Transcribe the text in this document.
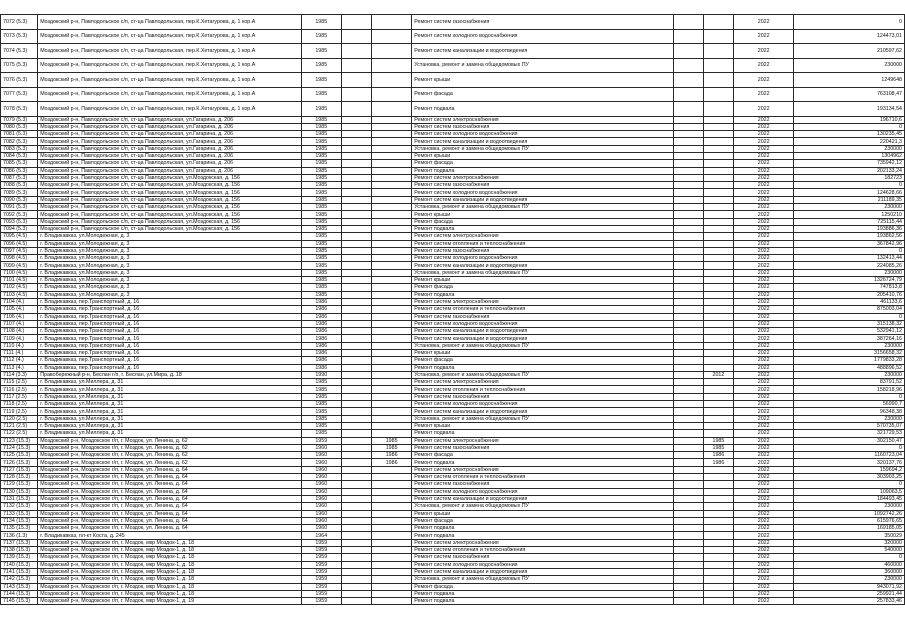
7072 (5.3)	Моздокский р-н, Павлодольское с/п, ст-ца Павлодольская, пер.К.Хетагурова, д. 1 кор.А	1985			Ремонт систем газоснабжения			2022	0
7073 (5.3)	Моздокский р-н, Павлодольское с/п, ст-ца Павлодольская, пер.К.Хетагурова, д. 1 кор.А	1985			Ремонт систем холодного водоснабжения			2022	124473,01
7074 (5.3)	Моздокский р-н, Павлодольское с/п, ст-ца Павлодольская, пер.К.Хетагурова, д. 1 кор.А	1985			Ремонт систем канализации и водоотведения			2022	210597,62
7075 (5.3)	Моздокский р-н, Павлодольское с/п, ст-ца Павлодольская, пер.К.Хетагурова, д. 1 кор.А	1985			Установка, ремонт и замена общедомовых ПУ			2022	230000
7076 (5.3)	Моздокский р-н, Павлодольское с/п, ст-ца Павлодольская, пер.К.Хетагурова, д. 1 кор.А	1985			Ремонт крыши			2022	1249648
7077 (5.3)	Моздокский р-н, Павлодольское с/п, ст-ца Павлодольская, пер.К.Хетагурова, д. 1 кор.А	1985			Ремонт фасада			2022	763108,47
7078 (5.3)	Моздокский р-н, Павлодольское с/п, ст-ца Павлодольская, пер.К.Хетагурова, д. 1 кор.А	1985			Ремонт подвала			2022	193134,54
7079 (5.3)	Моздокский р-н, Павлодольское с/п, ст-ца Павлодольская, ул.Гагарина, д. 206	1985			Ремонт систем электроснабжения			2022	196710,6
7080 (5.3)	Моздокский р-н, Павлодольское с/п, ст-ца Павлодольская, ул.Гагарина, д. 206	1985			Ремонт систем газоснабжения			2022	0
7081 (5.3)	Моздокский р-н, Павлодольское с/п, ст-ца Павлодольская, ул.Гагарина, д. 206	1985			Ремонт систем холодного водоснабжения			2022	130235,45
7082 (5.3)	Моздокский р-н, Павлодольское с/п, ст-ца Павлодольская, ул.Гагарина, д. 206	1985			Ремонт систем канализации и водоотведения			2022	220421,3
7083 (5.3)	Моздокский р-н, Павлодольское с/п, ст-ца Павлодольская, ул.Гагарина, д. 206	1985			Установка, ремонт и замена общедомовых ПУ			2022	230000
7084 (5.3)	Моздокский р-н, Павлодольское с/п, ст-ца Павлодольская, ул.Гагарина, д. 206	1985			Ремонт крыши			2022	1304962
7085 (5.3)	Моздокский р-н, Павлодольское с/п, ст-ца Павлодольская, ул.Гагарина, д. 206	1985			Ремонт фасада			2022	735942,12
7086 (5.3)	Моздокский р-н, Павлодольское с/п, ст-ца Павлодольская, ул.Гагарина, д. 206	1985			Ремонт подвала			2022	202133,24
7087 (5.3)	Моздокский р-н, Павлодольское с/п, ст-ца Павлодольская, ул.Моздокская, д. 156	1985			Ремонт систем электроснабжения			2022	182723
7088 (5.3)	Моздокский р-н, Павлодольское с/п, ст-ца Павлодольская, ул.Моздокская, д. 156	1985			Ремонт систем газоснабжения			2022	0
7089 (5.3)	Моздокский р-н, Павлодольское с/п, ст-ца Павлодольская, ул.Моздокская, д. 156	1985			Ремонт систем холодного водоснабжения			2022	124628,66
7090 (5.3)	Моздокский р-н, Павлодольское с/п, ст-ца Павлодольская, ул.Моздокская, д. 156	1985			Ремонт систем канализации и водоотведения			2022	211189,35
7091 (5.3)	Моздокский р-н, Павлодольское с/п, ст-ца Павлодольская, ул.Моздокская, д. 156	1985			Установка, ремонт и замена общедомовых ПУ			2022	230000
7092 (5.3)	Моздокский р-н, Павлодольское с/п, ст-ца Павлодольская, ул.Моздокская, д. 156	1985			Ремонт крыши			2022	1250210
7093 (5.3)	Моздокский р-н, Павлодольское с/п, ст-ца Павлодольская, ул.Моздокская, д. 156	1985			Ремонт фасада			2022	725115,44
7094 (5.3)	Моздокский р-н, Павлодольское с/п, ст-ца Павлодольская, ул.Моздокская, д. 156	1985			Ремонт подвала			2022	193886,36
7095 (4.5)	г. Владикавказ, ул.Молодежная, д. 3	1985			Ремонт систем электроснабжения			2022	193862,56
7096 (4.5)	г. Владикавказ, ул.Молодежная, д. 3	1985			Ремонт систем отопления и теплоснабжения			2022	367842,96
7097 (4.5)	г. Владикавказ, ул.Молодежная, д. 3	1985			Ремонт систем газоснабжения			2022	0
7098 (4.5)	г. Владикавказ, ул.Молодежная, д. 3	1985			Ремонт систем холодного водоснабжения			2022	132413,44
7099 (4.5)	г. Владикавказ, ул.Молодежная, д. 3	1985			Ремонт систем канализации и водоотведения			2022	224085,26
7100 (4.5)	г. Владикавказ, ул.Молодежная, д. 3	1985			Установка, ремонт и замена общедомовых ПУ			2022	230000
7101 (4.5)	г. Владикавказ, ул.Молодежная, д. 3	1985			Ремонт крыши			2022	1326724,79
7102 (4.5)	г. Владикавказ, ул.Молодежная, д. 3	1985			Ремонт фасада			2022	747813,8
7103 (4.5)	г. Владикавказ, ул.Молодежная, д. 3	1985			Ремонт подвала			2022	205410,76
7104 (4.)	г. Владикавказ, пер.Транспортный, д. 16	1986			Ремонт систем электроснабжения			2022	461133,6
7105 (4.)	г. Владикавказ, пер.Транспортный, д. 16	1986			Ремонт систем отопления и теплоснабжения			2022	875003,04
7106 (4.)	г. Владикавказ, пер.Транспортный, д. 16	1986			Ремонт систем газоснабжения			2022	0
7107 (4.)	г. Владикавказ, пер.Транспортный, д. 16	1986			Ремонт систем холодного водоснабжения			2022	315138,32
7108 (4.)	г. Владикавказ, пер.Транспортный, д. 16	1986			Ремонт систем канализации и водоотведения			2022	532941,12
7109 (4.)	г. Владикавказ, пер.Транспортный, д. 16	1986			Ремонт систем канализации и водоотведения			2022	387264,16
7110 (4.)	г. Владикавказ, пер.Транспортный, д. 16	1986			Установка, ремонт и замена общедомовых ПУ			2022	230000
7111 (4.)	г. Владикавказ, пер.Транспортный, д. 16	1986			Ремонт крыши			2022	3156658,32
7112 (4.)	г. Владикавказ, пер.Транспортный, д. 16	1986			Ремонт фасада			2022	1779833,28
7113 (4.)	г. Владикавказ, пер.Транспортный, д. 16	1986			Ремонт подвала			2022	488896,52
7114 (3.3)	Правобережный р-н, Беслан г/п, г. Беслан, ул.Мира, д. 18	1990			Установка, ремонт и замена общедомовых ПУ		2012	2022	230000
7115 (2.5)	г. Владикавказ, ул.Миллера, д. 31	1985			Ремонт систем электроснабжения			2022	83791,52
7116 (2.5)	г. Владикавказ, ул.Миллера, д. 31	1985			Ремонт систем отопления и теплоснабжения			2022	158218,96
7117 (2.5)	г. Владикавказ, ул.Миллера, д. 31	1985			Ремонт систем газоснабжения			2022	0
7118 (2.5)	г. Владикавказ, ул.Миллера, д. 31	1985			Ремонт систем холодного водоснабжения			2022	56990,7
7119 (2.5)	г. Владикавказ, ул.Миллера, д. 31	1985			Ремонт систем канализации и водоотведения			2022	96348,38
7120 (2.5)	г. Владикавказ, ул.Миллера, д. 31	1985			Установка, ремонт и замена общедомовых ПУ			2022	230000
7121 (2.5)	г. Владикавказ, ул.Миллера, д. 31	1985			Ремонт крыши			2022	570735,07
7122 (2.5)	г. Владикавказ, ул.Миллера, д. 31	1985			Ремонт подвала			2022	321729,53
7123 (15.3)	Моздокский р-н, Моздокское г/п, г. Моздок, ул. Ленина, д. 62	1959		1985	Ремонт систем электроснабжения		1985	2022	302150,47
7124 (15.3)	Моздокский р-н, Моздокское г/п, г. Моздок, ул. Ленина, д. 62	1960		1985	Ремонт систем газоснабжения		1985	2022	0
7125 (15.3)	Моздокский р-н, Моздокское г/п, г. Моздок, ул. Ленина, д. 62	1960		1986	Ремонт фасада		1986	2022	1160723,04
7126 (15.3)	Моздокский р-н, Моздокское г/п, г. Моздок, ул. Ленина, д. 62	1960		1986	Ремонт подвала		1986	2022	320137,76
7127 (15.3)	Моздокский р-н, Моздокское г/п, г. Моздок, ул. Ленина, д. 64	1960			Ремонт систем электроснабжения			2022	159694,2
7128 (15.3)	Моздокский р-н, Моздокское г/п, г. Моздок, ул. Ленина, д. 64	1960			Ремонт систем отопления и теплоснабжения			2022	303903,25
7129 (15.3)	Моздокский р-н, Моздокское г/п, г. Моздок, ул. Ленина, д. 64	1960			Ремонт систем газоснабжения			2022	0
7130 (15.3)	Моздокский р-н, Моздокское г/п, г. Моздок, ул. Ленина, д. 64	1960			Ремонт систем холодного водоснабжения			2022	109063,5
7131 (15.3)	Моздокский р-н, Моздокское г/п, г. Моздок, ул. Ленина, д. 64	1960			Ремонт систем канализации и водоотведения			2022	184493,45
7132 (15.3)	Моздокский р-н, Моздокское г/п, г. Моздок, ул. Ленина, д. 64	1960			Установка, ремонт и замена общедомовых ПУ			2022	230000
7133 (15.3)	Моздокский р-н, Моздокское г/п, г. Моздок, ул. Ленина, д. 64	1960			Ремонт крыши			2022	1092742,26
7134 (15.3)	Моздокский р-н, Моздокское г/п, г. Моздок, ул. Ленина, д. 64	1960			Ремонт фасада			2022	615976,65
7135 (15.3)	Моздокский р-н, Моздокское г/п, г. Моздок, ул. Ленина, д. 64	1960			Ремонт подвала			2022	169185,05
7136 (1.3)	г. Владикавказ, пл-кт Коста, д. 245	1964			Ремонт подвала			2022	350029
7137 (15.3)	Моздокский р-н, Моздокское г/п, г. Моздок, мкр Моздок-1, д. 18	1959			Ремонт систем электроснабжения			2022	320000
7138 (15.3)	Моздокский р-н, Моздокское г/п, г. Моздок, мкр Моздок-1, д. 18	1959			Ремонт систем отопления и теплоснабжения			2022	540000
7139 (15.3)	Моздокский р-н, Моздокское г/п, г. Моздок, мкр Моздок-1, д. 18	1959			Ремонт систем газоснабжения			2022	0
7140 (15.3)	Моздокский р-н, Моздокское г/п, г. Моздок, мкр Моздок-1, д. 18	1959			Ремонт систем холодного водоснабжения			2022	460000
7141 (15.3)	Моздокский р-н, Моздокское г/п, г. Моздок, мкр Моздок-1, д. 18	1959			Ремонт систем канализации и водоотведения			2022	360000
7142 (15.3)	Моздокский р-н, Моздокское г/п, г. Моздок, мкр Моздок-1, д. 18	1959			Установка, ремонт и замена общедомовых ПУ			2022	230000
7143 (15.3)	Моздокский р-н, Моздокское г/п, г. Моздок, мкр Моздок-1, д. 18	1959			Ремонт фасада			2022	943071,92
7144 (15.3)	Моздокский р-н, Моздокское г/п, г. Моздок, мкр Моздок-1, д. 18	1959			Ремонт подвала			2022	259921,44
7145 (15.3)	Моздокский р-н, Моздокское г/п, г. Моздок, мкр Моздок-1, д. 19	1959			Ремонт подвала			2022	257833,46
